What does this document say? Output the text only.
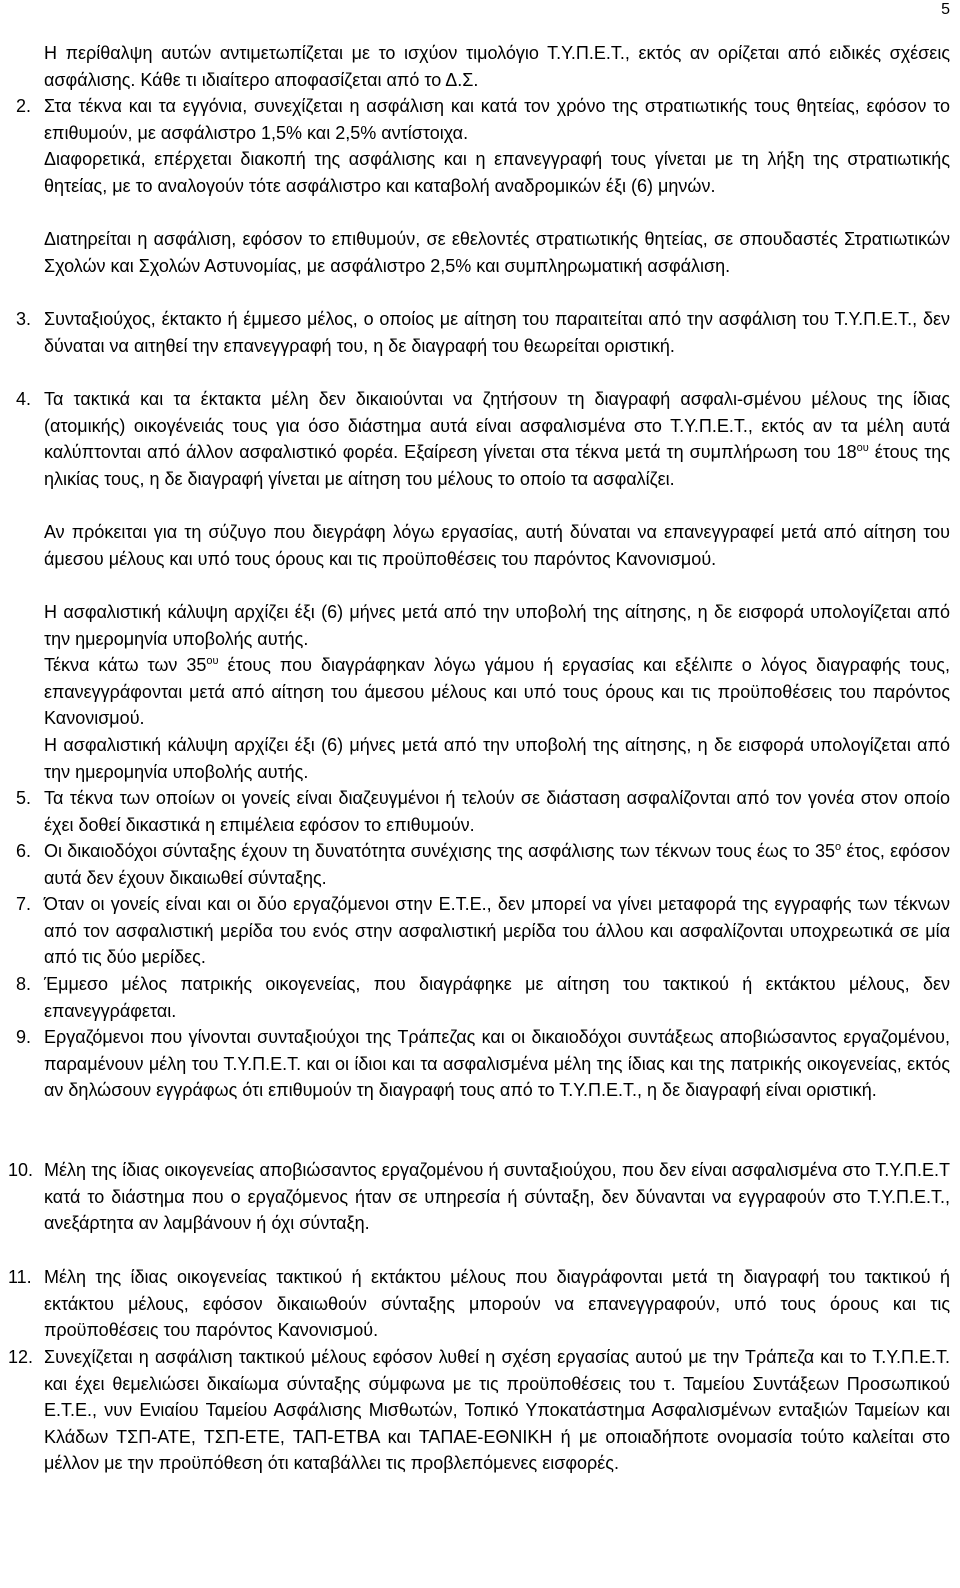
5

Η περίθαλψη αυτών αντιμετωπίζεται με το ισχύον τιμολόγιο Τ.Υ.Π.Ε.Τ., εκτός αν ορίζεται από ειδικές σχέσεις ασφάλισης. Κάθε τι ιδιαίτερο αποφασίζεται από το Δ.Σ.

2. Στα τέκνα και τα εγγόνια, συνεχίζεται η ασφάλιση και κατά τον χρόνο της στρατιωτικής τους θητείας, εφόσον το επιθυμούν, με ασφάλιστρο 1,5% και 2,5% αντίστοιχα.

Διαφορετικά, επέρχεται διακοπή της ασφάλισης και η επανεγγραφή τους γίνεται με τη λήξη της στρατιωτικής θητείας, με το αναλογούν τότε ασφάλιστρο και καταβολή αναδρομικών έξι (6) μηνών.

Διατηρείται η ασφάλιση, εφόσον το επιθυμούν, σε εθελοντές στρατιωτικής θητείας, σε σπουδαστές Στρατιωτικών Σχολών και Σχολών Αστυνομίας, με ασφάλιστρο 2,5% και συμπληρωματική ασφάλιση.

3. Συνταξιούχος, έκτακτο ή έμμεσο μέλος, ο οποίος με αίτηση του παραιτείται από την ασφάλιση του Τ.Υ.Π.Ε.Τ., δεν δύναται να αιτηθεί την επανεγγραφή του, η δε διαγραφή του θεωρείται οριστική.

4. Τα τακτικά και τα έκτακτα μέλη δεν δικαιούνται να ζητήσουν τη διαγραφή ασφαλι-σμένου μέλους της ίδιας (ατομικής) οικογένειάς τους για όσο διάστημα αυτά είναι ασφαλισμένα στο Τ.Υ.Π.Ε.Τ., εκτός αν τα μέλη αυτά καλύπτονται από άλλον ασφαλιστικό φορέα. Εξαίρεση γίνεται στα τέκνα μετά τη συμπλήρωση του $18^{o\upsilon}$ έτους της ηλικίας τους, η δε διαγραφή γίνεται με αίτηση του μέλους το οποίο τα ασφαλίζει.

Αν πρόκειται για τη σύζυγο που διεγράφη λόγω εργασίας, αυτή δύναται να επανεγγραφεί μετά από αίτηση του άμεσου μέλους και υπό τους όρους και τις προϋποθέσεις του παρόντος Κανονισμού.

Η ασφαλιστική κάλυψη αρχίζει έξι (6) μήνες μετά από την υποβολή της αίτησης, η δε εισφορά υπολογίζεται από την ημερομηνία υποβολής αυτής.

Τέκνα κάτω των $35^{o\upsilon}$ έτους που διαγράφηκαν λόγω γάμου ή εργασίας και εξέλιπε ο λόγος διαγραφής τους, επανεγγράφονται μετά από αίτηση του άμεσου μέλους και υπό τους όρους και τις προϋποθέσεις του παρόντος Κανονισμού.

Η ασφαλιστική κάλυψη αρχίζει έξι (6) μήνες μετά από την υποβολή της αίτησης, η δε εισφορά υπολογίζεται από την ημερομηνία υποβολής αυτής.

5. Τα τέκνα των οποίων οι γονείς είναι διαζευγμένοι ή τελούν σε διάσταση ασφαλίζονται από τον γονέα στον οποίο έχει δοθεί δικαστικά η επιμέλεια εφόσον το επιθυμούν.

6. Οι δικαιοδόχοι σύνταξης έχουν τη δυνατότητα συνέχισης της ασφάλισης των τέκνων τους έως το $35^o$ έτος, εφόσον αυτά δεν έχουν δικαιωθεί σύνταξης.

7. Όταν οι γονείς είναι και οι δύο εργαζόμενοι στην Ε.Τ.Ε., δεν μπορεί να γίνει μεταφορά της εγγραφής των τέκνων από τον ασφαλιστική μερίδα του ενός στην ασφαλιστική μερίδα του άλλου και ασφαλίζονται υποχρεωτικά σε μία από τις δύο μερίδες.

8. Έμμεσο μέλος πατρικής οικογενείας, που διαγράφηκε με αίτηση του τακτικού ή εκτάκτου μέλους, δεν επανεγγράφεται.

9. Εργαζόμενοι που γίνονται συνταξιούχοι της Τράπεζας και οι δικαιοδόχοι συντάξεως αποβιώσαντος εργαζομένου, παραμένουν μέλη του Τ.Υ.Π.Ε.Τ. και οι ίδιοι και τα ασφαλισμένα μέλη της ίδιας και της πατρικής οικογενείας, εκτός αν δηλώσουν εγγράφως ότι επιθυμούν τη διαγραφή τους από το Τ.Υ.Π.Ε.Τ., η δε διαγραφή είναι οριστική.

10. Μέλη της ίδιας οικογενείας αποβιώσαντος εργαζομένου ή συνταξιούχου, που δεν είναι ασφαλισμένα στο Τ.Υ.Π.Ε.Τ κατά το διάστημα που ο εργαζόμενος ήταν σε υπηρεσία ή σύνταξη, δεν δύνανται να εγγραφούν στο Τ.Υ.Π.Ε.Τ., ανεξάρτητα αν λαμβάνουν ή όχι σύνταξη.

11. Μέλη της ίδιας οικογενείας τακτικού ή εκτάκτου μέλους που διαγράφονται μετά τη διαγραφή του τακτικού ή εκτάκτου μέλους, εφόσον δικαιωθούν σύνταξης μπορούν να επανεγγραφούν, υπό τους όρους και τις προϋποθέσεις του παρόντος Κανονισμού.

12. Συνεχίζεται η ασφάλιση τακτικού μέλους εφόσον λυθεί η σχέση εργασίας αυτού με την Τράπεζα και το Τ.Υ.Π.Ε.Τ. και έχει θεμελιώσει δικαίωμα σύνταξης σύμφωνα με τις προϋποθέσεις του τ. Ταμείου Συντάξεων Προσωπικού Ε.Τ.Ε., νυν Ενιαίου Ταμείου Ασφάλισης Μισθωτών, Τοπικό Υποκατάστημα Ασφαλισμένων ενταξιών Ταμείων και Κλάδων ΤΣΠ-ΑΤΕ, ΤΣΠ-ΕΤΕ, ΤΑΠ-ΕΤΒΑ και ΤΑΠΑΕ-ΕΘΝΙΚΗ ή με οποιαδήποτε ονομασία τούτο καλείται στο μέλλον με την προϋπόθεση ότι καταβάλλει τις προβλεπόμενες εισφορές.
